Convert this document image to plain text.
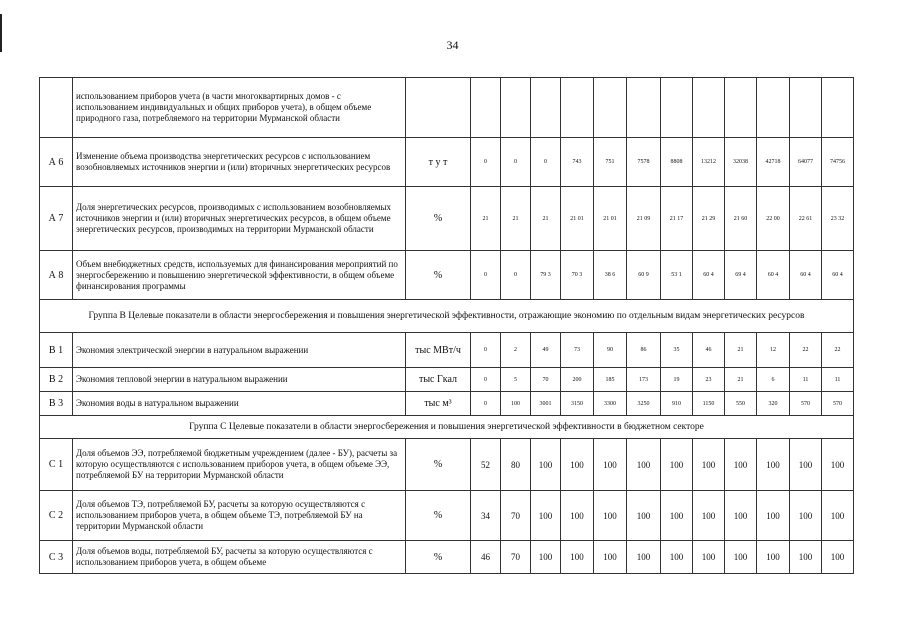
34
	использованием приборов учета (в части многоквартирных домов - с использованием индивидуальных и общих приборов учета), в общем объеме природного газа, потребляемого на территории Мурманской области													
А 6	Изменение объема производства энергетических ресурсов с использованием возобновляемых источников энергии и (или) вторичных энергетических ресурсов	т у т	0	0	0	743	751	7578	8808	13212	32038	42718	64077	74756
А 7	Доля энергетических ресурсов, производимых с использованием возобновляемых источников энергии и (или) вторичных энергетических ресурсов, в общем объеме энергетических ресурсов, производимых на территории Мурманской области	%	21	21	21	21 01	21 01	21 09	21 17	21 29	21 60	22 00	22 61	23 32
А 8	Объем внебюджетных средств, используемых для финансирования мероприятий по энергосбережению и повышению энергетической эффективности, в общем объеме финансирования программы	%	0	0	79 3	70 3	38 6	60 9	53 1	60 4	69 4	60 4	60 4	60 4
Группа В Целевые показатели в области энергосбережения и повышения энергетической эффективности, отражающие экономию по отдельным видам энергетических ресурсов														
В 1	Экономия электрической энергии в натуральном выражении	тыс МВт/ч	0	2	49	73	90	86	35	46	21	12	22	22
В 2	Экономия тепловой энергии в натуральном выражении	тыс Гкал	0	5	70	200	185	173	19	23	21	6	11	11
В 3	Экономия воды в натуральном выражении	тыс м³	0	100	3001	3150	3300	3250	910	1150	550	320	570	570
Группа С Целевые показатели в области энергосбережения и повышения энергетической эффективности в бюджетном секторе														
С 1	Доля объемов ЭЭ, потребляемой бюджетным учреждением (далее - БУ), расчеты за которую осуществляются с использованием приборов учета, в общем объеме ЭЭ, потребляемой БУ на территории Мурманской области	%	52	80	100	100	100	100	100	100	100	100	100	100
С 2	Доля объемов ТЭ, потребляемой БУ, расчеты за которую осуществляются с использованием приборов учета, в общем объеме ТЭ, потребляемой БУ на территории Мурманской области	%	34	70	100	100	100	100	100	100	100	100	100	100
С 3	Доля объемов воды, потребляемой БУ, расчеты за которую осуществляются с использованием приборов учета, в общем объеме	%	46	70	100	100	100	100	100	100	100	100	100	100
